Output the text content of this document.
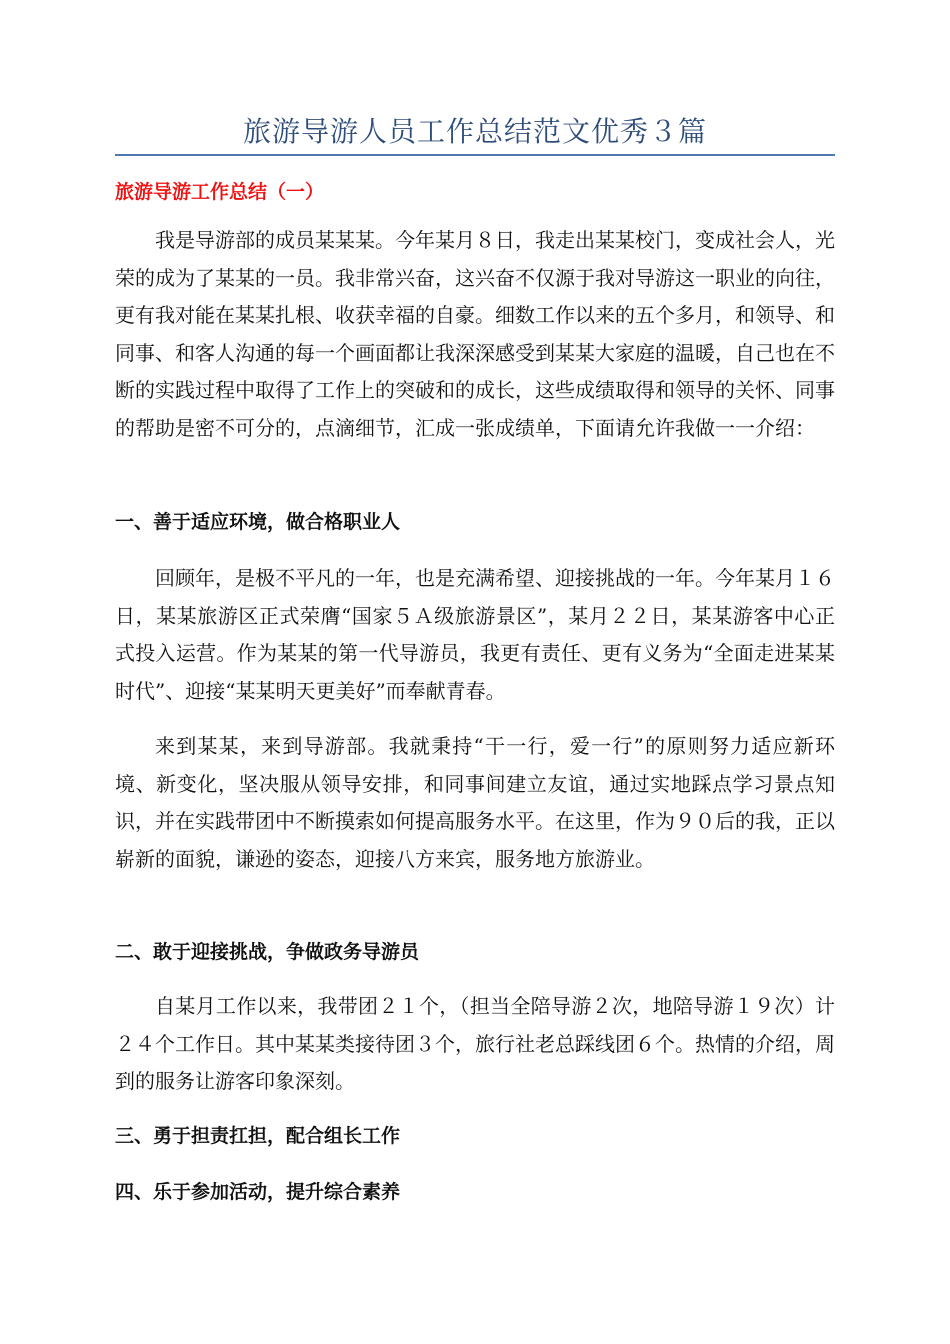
旅游导游人员工作总结范文优秀３篇
旅游导游工作总结（一）

我是导游部的成员某某某。今年某月８日，我走出某某校门，变成社会人，光荣的成为了某某的一员。我非常兴奋，这兴奋不仅源于我对导游这一职业的向往，更有我对能在某某扎根、收获幸福的自豪。细数工作以来的五个多月，和领导、和同事、和客人沟通的每一个画面都让我深深感受到某某大家庭的温暖，自己也在不断的实践过程中取得了工作上的突破和的成长，这些成绩取得和领导的关怀、同事的帮助是密不可分的，点滴细节，汇成一张成绩单，下面请允许我做一一介绍：

一、善于适应环境，做合格职业人

回顾年，是极不平凡的一年，也是充满希望、迎接挑战的一年。今年某月１６日，某某旅游区正式荣膺“国家５Ａ级旅游景区”，某月２２日，某某游客中心正式投入运营。作为某某的第一代导游员，我更有责任、更有义务为“全面走进某某时代”、迎接“某某明天更美好”而奉献青春。

来到某某，来到导游部。我就秉持“干一行，爱一行”的原则努力适应新环境、新变化，坚决服从领导安排，和同事间建立友谊，通过实地踩点学习景点知识，并在实践带团中不断摸索如何提高服务水平。在这里，作为９０后的我，正以崭新的面貌，谦逊的姿态，迎接八方来宾，服务地方旅游业。

二、敢于迎接挑战，争做政务导游员

自某月工作以来，我带团２１个，（担当全陪导游２次，地陪导游１９次）计２４个工作日。其中某某类接待团３个，旅行社老总踩线团６个。热情的介绍，周到的服务让游客印象深刻。

三、勇于担责扛担，配合组长工作

四、乐于参加活动，提升综合素养
